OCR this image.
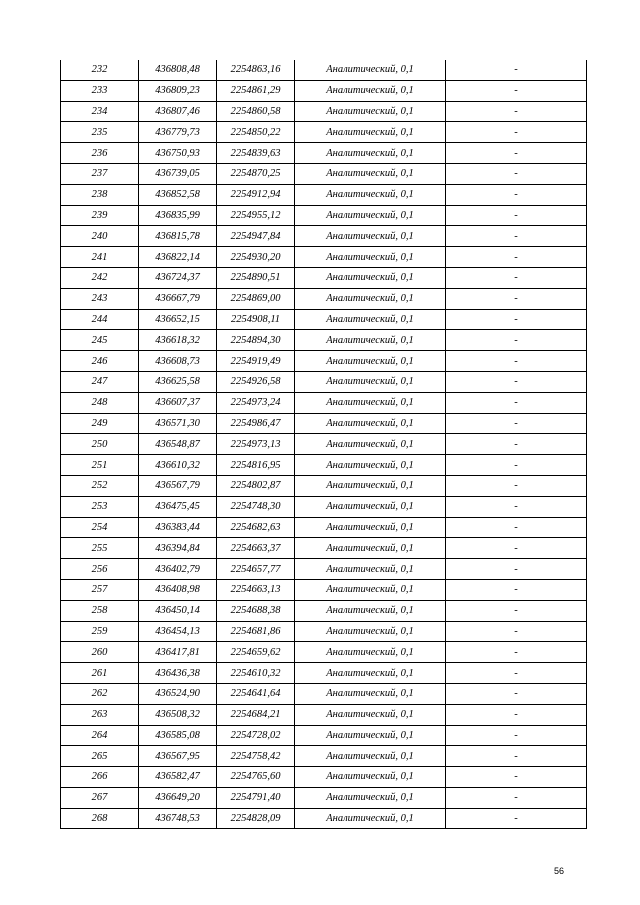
232	436808,48	2254863,16	Аналитический, 0,1	-
233	436809,23	2254861,29	Аналитический, 0,1	-
234	436807,46	2254860,58	Аналитический, 0,1	-
235	436779,73	2254850,22	Аналитический, 0,1	-
236	436750,93	2254839,63	Аналитический, 0,1	-
237	436739,05	2254870,25	Аналитический, 0,1	-
238	436852,58	2254912,94	Аналитический, 0,1	-
239	436835,99	2254955,12	Аналитический, 0,1	-
240	436815,78	2254947,84	Аналитический, 0,1	-
241	436822,14	2254930,20	Аналитический, 0,1	-
242	436724,37	2254890,51	Аналитический, 0,1	-
243	436667,79	2254869,00	Аналитический, 0,1	-
244	436652,15	2254908,11	Аналитический, 0,1	-
245	436618,32	2254894,30	Аналитический, 0,1	-
246	436608,73	2254919,49	Аналитический, 0,1	-
247	436625,58	2254926,58	Аналитический, 0,1	-
248	436607,37	2254973,24	Аналитический, 0,1	-
249	436571,30	2254986,47	Аналитический, 0,1	-
250	436548,87	2254973,13	Аналитический, 0,1	-
251	436610,32	2254816,95	Аналитический, 0,1	-
252	436567,79	2254802,87	Аналитический, 0,1	-
253	436475,45	2254748,30	Аналитический, 0,1	-
254	436383,44	2254682,63	Аналитический, 0,1	-
255	436394,84	2254663,37	Аналитический, 0,1	-
256	436402,79	2254657,77	Аналитический, 0,1	-
257	436408,98	2254663,13	Аналитический, 0,1	-
258	436450,14	2254688,38	Аналитический, 0,1	-
259	436454,13	2254681,86	Аналитический, 0,1	-
260	436417,81	2254659,62	Аналитический, 0,1	-
261	436436,38	2254610,32	Аналитический, 0,1	-
262	436524,90	2254641,64	Аналитический, 0,1	-
263	436508,32	2254684,21	Аналитический, 0,1	-
264	436585,08	2254728,02	Аналитический, 0,1	-
265	436567,95	2254758,42	Аналитический, 0,1	-
266	436582,47	2254765,60	Аналитический, 0,1	-
267	436649,20	2254791,40	Аналитический, 0,1	-
268	436748,53	2254828,09	Аналитический, 0,1	-
56
